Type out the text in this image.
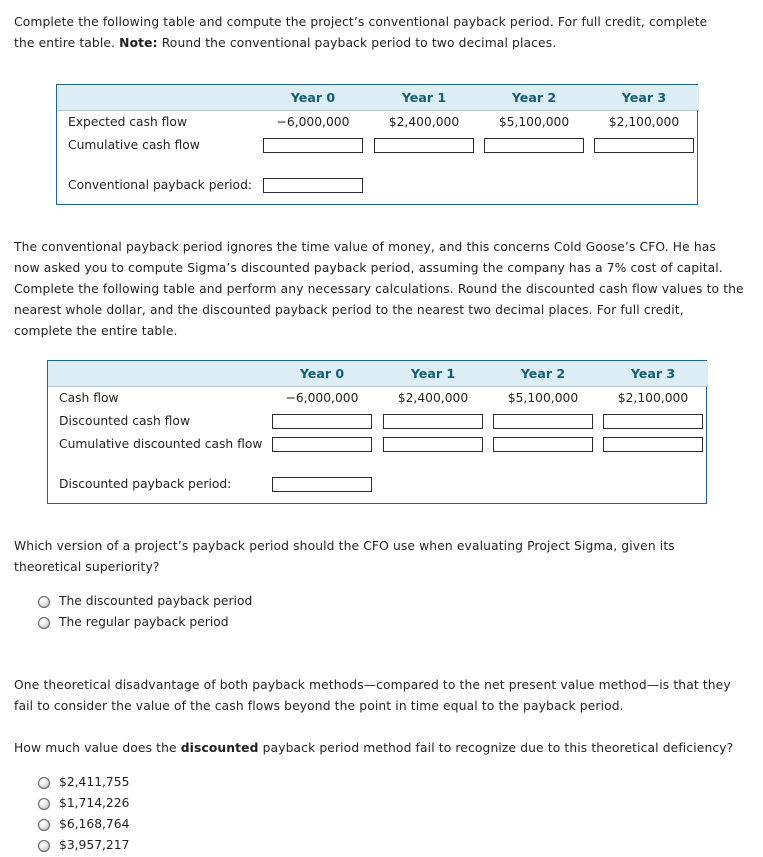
Complete the following table and compute the project’s conventional payback period. For full credit, complete the entire table. Note: Round the conventional payback period to two decimal places.

	Year 0	Year 1	Year 2	Year 3
Expected cash flow	−6,000,000	$2,400,000	$5,100,000	$2,100,000
Cumulative cash flow				

Conventional payback period:				

The conventional payback period ignores the time value of money, and this concerns Cold Goose’s CFO. He has now asked you to compute Sigma’s discounted payback period, assuming the company has a 7% cost of capital. Complete the following table and perform any necessary calculations. Round the discounted cash flow values to the nearest whole dollar, and the discounted payback period to the nearest two decimal places. For full credit, complete the entire table.

	Year 0	Year 1	Year 2	Year 3
Cash flow	−6,000,000	$2,400,000	$5,100,000	$2,100,000
Discounted cash flow				
Cumulative discounted cash flow				

Discounted payback period:				

Which version of a project’s payback period should the CFO use when evaluating Project Sigma, given its theoretical superiority?

The discounted payback period
The regular payback period

One theoretical disadvantage of both payback methods—compared to the net present value method—is that they fail to consider the value of the cash flows beyond the point in time equal to the payback period.

How much value does the discounted payback period method fail to recognize due to this theoretical deficiency?

$2,411,755
$1,714,226
$6,168,764
$3,957,217
